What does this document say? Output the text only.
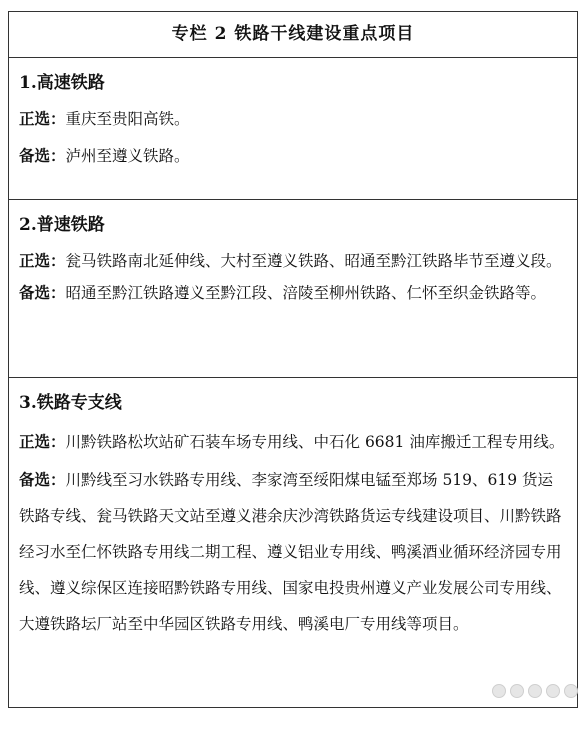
专栏 2 铁路干线建设重点项目
1.高速铁路
正选：重庆至贵阳高铁。
备选：泸州至遵义铁路。
2.普速铁路
正选：瓮马铁路南北延伸线、大村至遵义铁路、昭通至黔江铁路毕节至遵义段。
备选：昭通至黔江铁路遵义至黔江段、涪陵至柳州铁路、仁怀至织金铁路等。
3.铁路专支线
正选：川黔铁路松坎站矿石装车场专用线、中石化 6681 油库搬迁工程专用线。
备选：川黔线至习水铁路专用线、李家湾至绥阳煤电锰至郑场 519、619 货运铁路专线、瓮马铁路天文站至遵义港余庆沙湾铁路货运专线建设项目、川黔铁路经习水至仁怀铁路专用线二期工程、遵义铝业专用线、鸭溪酒业循环经济园专用线、遵义综保区连接昭黔铁路专用线、国家电投贵州遵义产业发展公司专用线、大遵铁路坛厂站至中华园区铁路专用线、鸭溪电厂专用线等项目。
